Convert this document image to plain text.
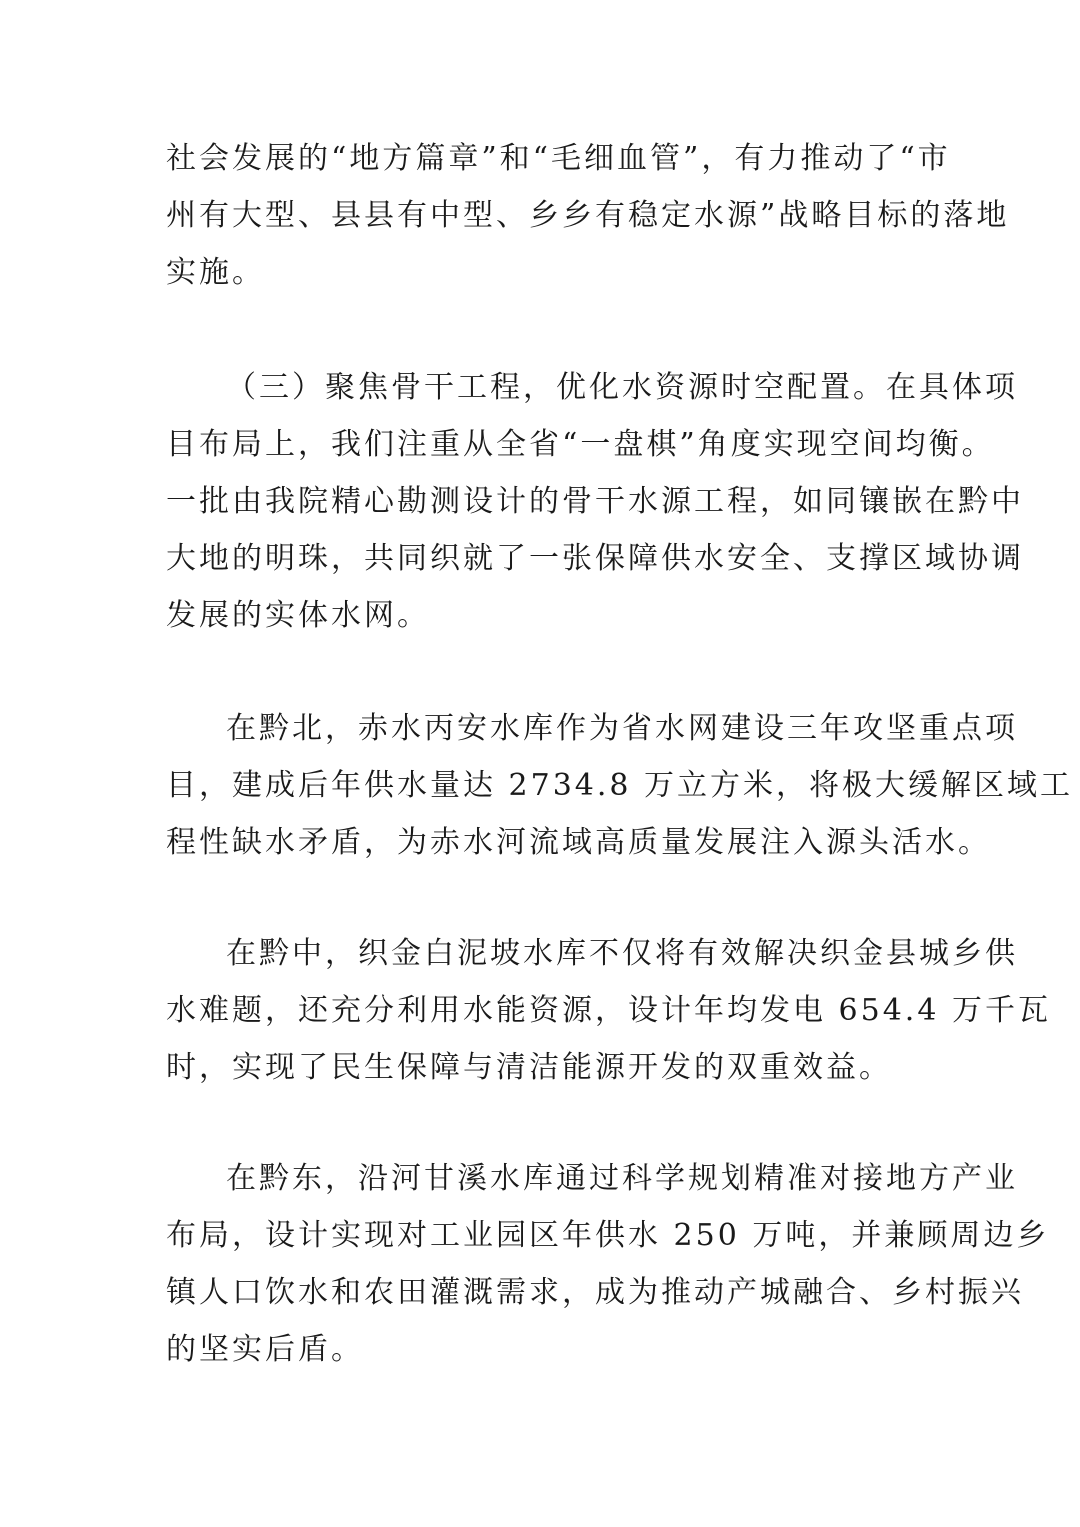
社会发展的“地方篇章”和“毛细血管”，有力推动了“市
州有大型、县县有中型、乡乡有稳定水源”战略目标的落地
实施。
（三）聚焦骨干工程，优化水资源时空配置。在具体项
目布局上，我们注重从全省“一盘棋”角度实现空间均衡。
一批由我院精心勘测设计的骨干水源工程，如同镶嵌在黔中
大地的明珠，共同织就了一张保障供水安全、支撑区域协调
发展的实体水网。
在黔北，赤水丙安水库作为省水网建设三年攻坚重点项
目，建成后年供水量达 2734.8 万立方米，将极大缓解区域工
程性缺水矛盾，为赤水河流域高质量发展注入源头活水。
在黔中，织金白泥坡水库不仅将有效解决织金县城乡供
水难题，还充分利用水能资源，设计年均发电 654.4 万千瓦
时，实现了民生保障与清洁能源开发的双重效益。
在黔东，沿河甘溪水库通过科学规划精准对接地方产业
布局，设计实现对工业园区年供水 250 万吨，并兼顾周边乡
镇人口饮水和农田灌溉需求，成为推动产城融合、乡村振兴
的坚实后盾。
